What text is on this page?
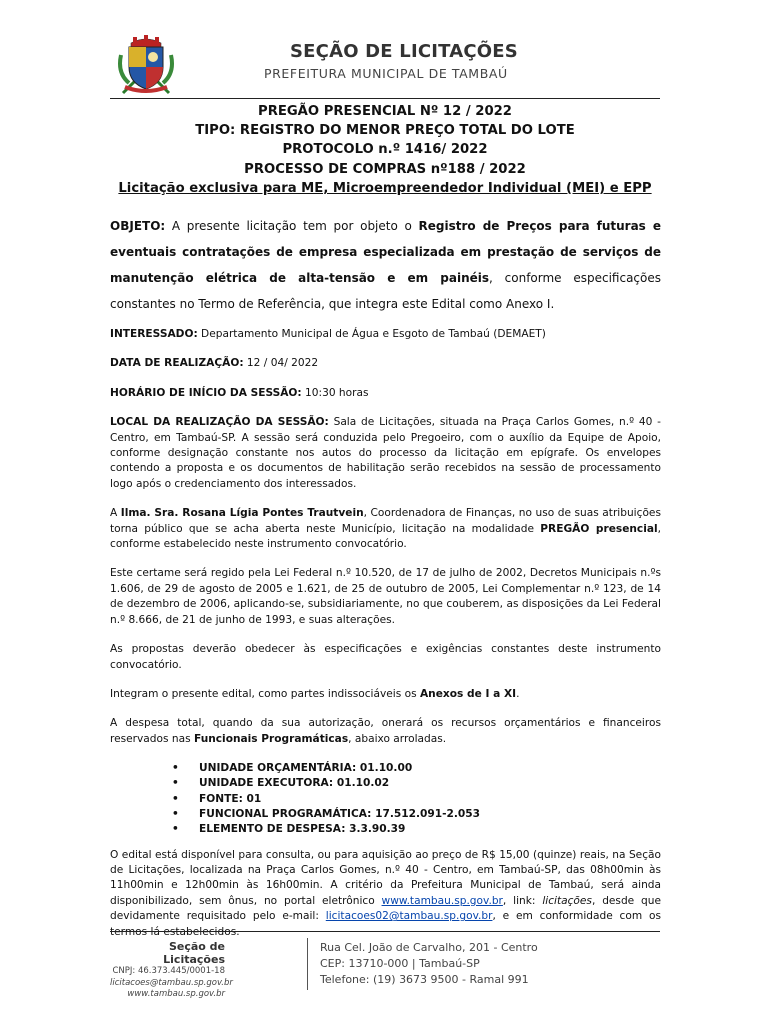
SEÇÃO DE LICITAÇÕES
PREFEITURA MUNICIPAL DE TAMBAÚ
PREGÃO PRESENCIAL Nº 12 / 2022
TIPO: REGISTRO DO MENOR PREÇO TOTAL DO LOTE
PROTOCOLO n.º 1416/ 2022
PROCESSO DE COMPRAS nº188 / 2022
Licitação exclusiva para ME, Microempreendedor Individual (MEI) e EPP

OBJETO: A presente licitação tem por objeto o Registro de Preços para futuras e eventuais contratações de empresa especializada em prestação de serviços de manutenção elétrica de alta-tensão e em painéis, conforme especificações constantes no Termo de Referência, que integra este Edital como Anexo I.

INTERESSADO: Departamento Municipal de Água e Esgoto de Tambaú (DEMAET)

DATA DE REALIZAÇÃO: 12 / 04/ 2022

HORÁRIO DE INÍCIO DA SESSÃO: 10:30 horas

LOCAL DA REALIZAÇÃO DA SESSÃO: Sala de Licitações, situada na Praça Carlos Gomes, n.º 40 - Centro, em Tambaú-SP. A sessão será conduzida pelo Pregoeiro, com o auxílio da Equipe de Apoio, conforme designação constante nos autos do processo da licitação em epígrafe. Os envelopes contendo a proposta e os documentos de habilitação serão recebidos na sessão de processamento logo após o credenciamento dos interessados.

A Ilma. Sra. Rosana Lígia Pontes Trautvein, Coordenadora de Finanças, no uso de suas atribuições torna público que se acha aberta neste Município, licitação na modalidade PREGÃO presencial, conforme estabelecido neste instrumento convocatório.

Este certame será regido pela Lei Federal n.º 10.520, de 17 de julho de 2002, Decretos Municipais n.ºs 1.606, de 29 de agosto de 2005 e 1.621, de 25 de outubro de 2005, Lei Complementar n.º 123, de 14 de dezembro de 2006, aplicando-se, subsidiariamente, no que couberem, as disposições da Lei Federal n.º 8.666, de 21 de junho de 1993, e suas alterações.

As propostas deverão obedecer às especificações e exigências constantes deste instrumento convocatório.

Integram o presente edital, como partes indissociáveis os Anexos de I a XI.

A despesa total, quando da sua autorização, onerará os recursos orçamentários e financeiros reservados nas Funcionais Programáticas, abaixo arroladas.

• UNIDADE ORÇAMENTÁRIA: 01.10.00
• UNIDADE EXECUTORA: 01.10.02
• FONTE: 01
• FUNCIONAL PROGRAMÁTICA: 17.512.091-2.053
• ELEMENTO DE DESPESA: 3.3.90.39

O edital está disponível para consulta, ou para aquisição ao preço de R$ 15,00 (quinze) reais, na Seção de Licitações, localizada na Praça Carlos Gomes, n.º 40 - Centro, em Tambaú-SP, das 08h00min às 11h00min e 12h00min às 16h00min. A critério da Prefeitura Municipal de Tambaú, será ainda disponibilizado, sem ônus, no portal eletrônico www.tambau.sp.gov.br, link: licitações, desde que devidamente requisitado pelo e-mail: licitacoes02@tambau.sp.gov.br, e em conformidade com os termos lá estabelecidos.

Seção de Licitações
CNPJ: 46.373.445/0001-18
licitacoes@tambau.sp.gov.br
www.tambau.sp.gov.br
Rua Cel. João de Carvalho, 201 - Centro
CEP: 13710-000 | Tambaú-SP
Telefone: (19) 3673 9500 - Ramal 991
